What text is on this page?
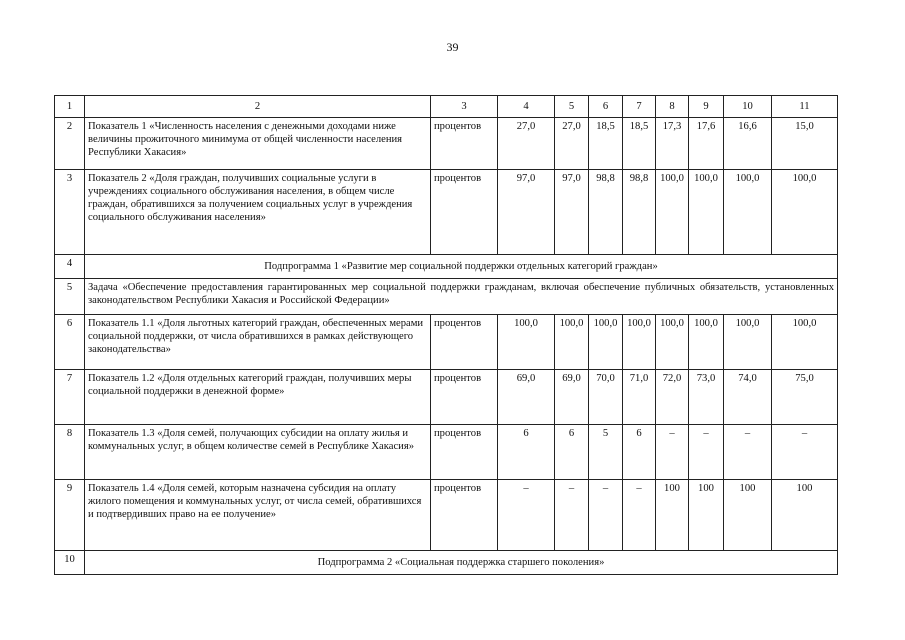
39
1	2	3	4	5	6	7	8	9	10	11
2	Показатель 1 «Численность населения с денежными доходами ниже величины прожиточного минимума от общей численности населения Республики Хакасия»	процентов	27,0	27,0	18,5	18,5	17,3	17,6	16,6	15,0
3	Показатель 2 «Доля граждан, получивших социальные услуги в учреждениях социального обслуживания населения, в общем числе граждан, обратившихся за получением социальных услуг в учреждения социального обслуживания населения»	процентов	97,0	97,0	98,8	98,8	100,0	100,0	100,0	100,0
4	Подпрограмма 1 «Развитие мер социальной поддержки отдельных категорий граждан»									
5	Задача «Обеспечение предоставления гарантированных мер социальной поддержки гражданам, включая обеспечение публичных обязательств, установленных законодательством Республики Хакасия и Российской Федерации»									
6	Показатель 1.1 «Доля льготных категорий граждан, обеспеченных мерами социальной поддержки, от числа обратившихся в рамках действующего законодательства»	процентов	100,0	100,0	100,0	100,0	100,0	100,0	100,0	100,0
7	Показатель 1.2 «Доля отдельных категорий граждан, получивших меры социальной поддержки в денежной форме»	процентов	69,0	69,0	70,0	71,0	72,0	73,0	74,0	75,0
8	Показатель 1.3 «Доля семей, получающих субсидии на оплату жилья и коммунальных услуг, в общем количестве семей в Республике Хакасия»	процентов	6	6	5	6	–	–	–	–
9	Показатель 1.4 «Доля семей, которым назначена субсидия на оплату жилого помещения и коммунальных услуг, от числа семей, обратившихся и подтвердивших право на ее получение»	процентов	–	–	–	–	100	100	100	100
10	Подпрограмма 2 «Социальная поддержка старшего поколения»									
